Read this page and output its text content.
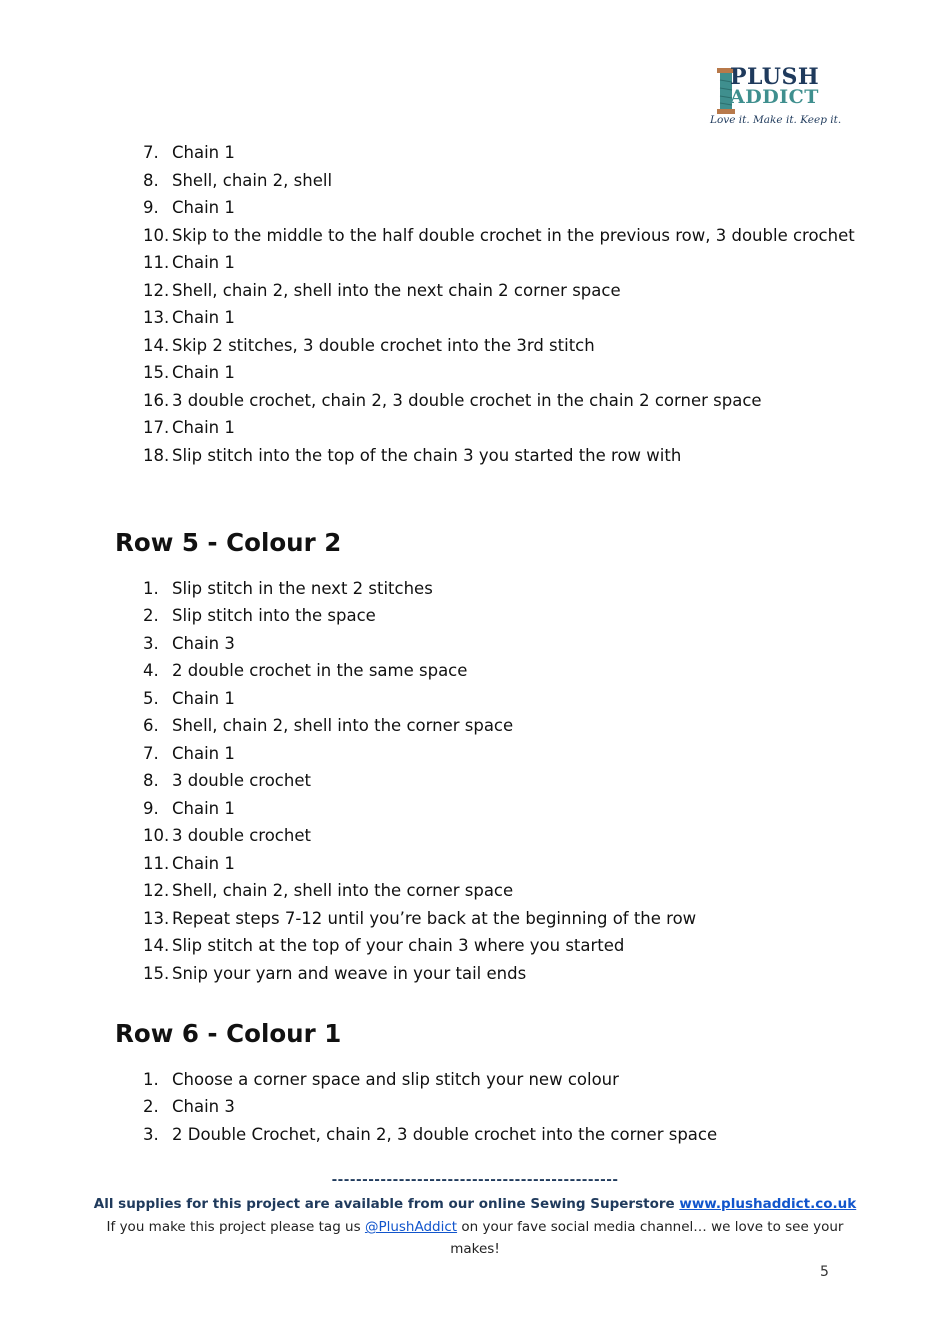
PLUSH
ADDICT
Love it. Make it. Keep it.
7. Chain 1
8. Shell, chain 2, shell
9. Chain 1
10. Skip to the middle to the half double crochet in the previous row, 3 double crochet
11. Chain 1
12. Shell, chain 2, shell into the next chain 2 corner space
13. Chain 1
14. Skip 2 stitches, 3 double crochet into the 3rd stitch
15. Chain 1
16. 3 double crochet, chain 2, 3 double crochet in the chain 2 corner space
17. Chain 1
18. Slip stitch into the top of the chain 3 you started the row with
Row 5 - Colour 2
1. Slip stitch in the next 2 stitches
2. Slip stitch into the space
3. Chain 3
4. 2 double crochet in the same space
5. Chain 1
6. Shell, chain 2, shell into the corner space
7. Chain 1
8. 3 double crochet
9. Chain 1
10. 3 double crochet
11. Chain 1
12. Shell, chain 2, shell into the corner space
13. Repeat steps 7-12 until you’re back at the beginning of the row
14. Slip stitch at the top of your chain 3 where you started
15. Snip your yarn and weave in your tail ends
Row 6 - Colour 1
1. Choose a corner space and slip stitch your new colour
2. Chain 3
3. 2 Double Crochet, chain 2, 3 double crochet into the corner space
-----------------------------------------------
All supplies for this project are available from our online Sewing Superstore www.plushaddict.co.uk
If you make this project please tag us @PlushAddict on your fave social media channel… we love to see your
makes!
5
